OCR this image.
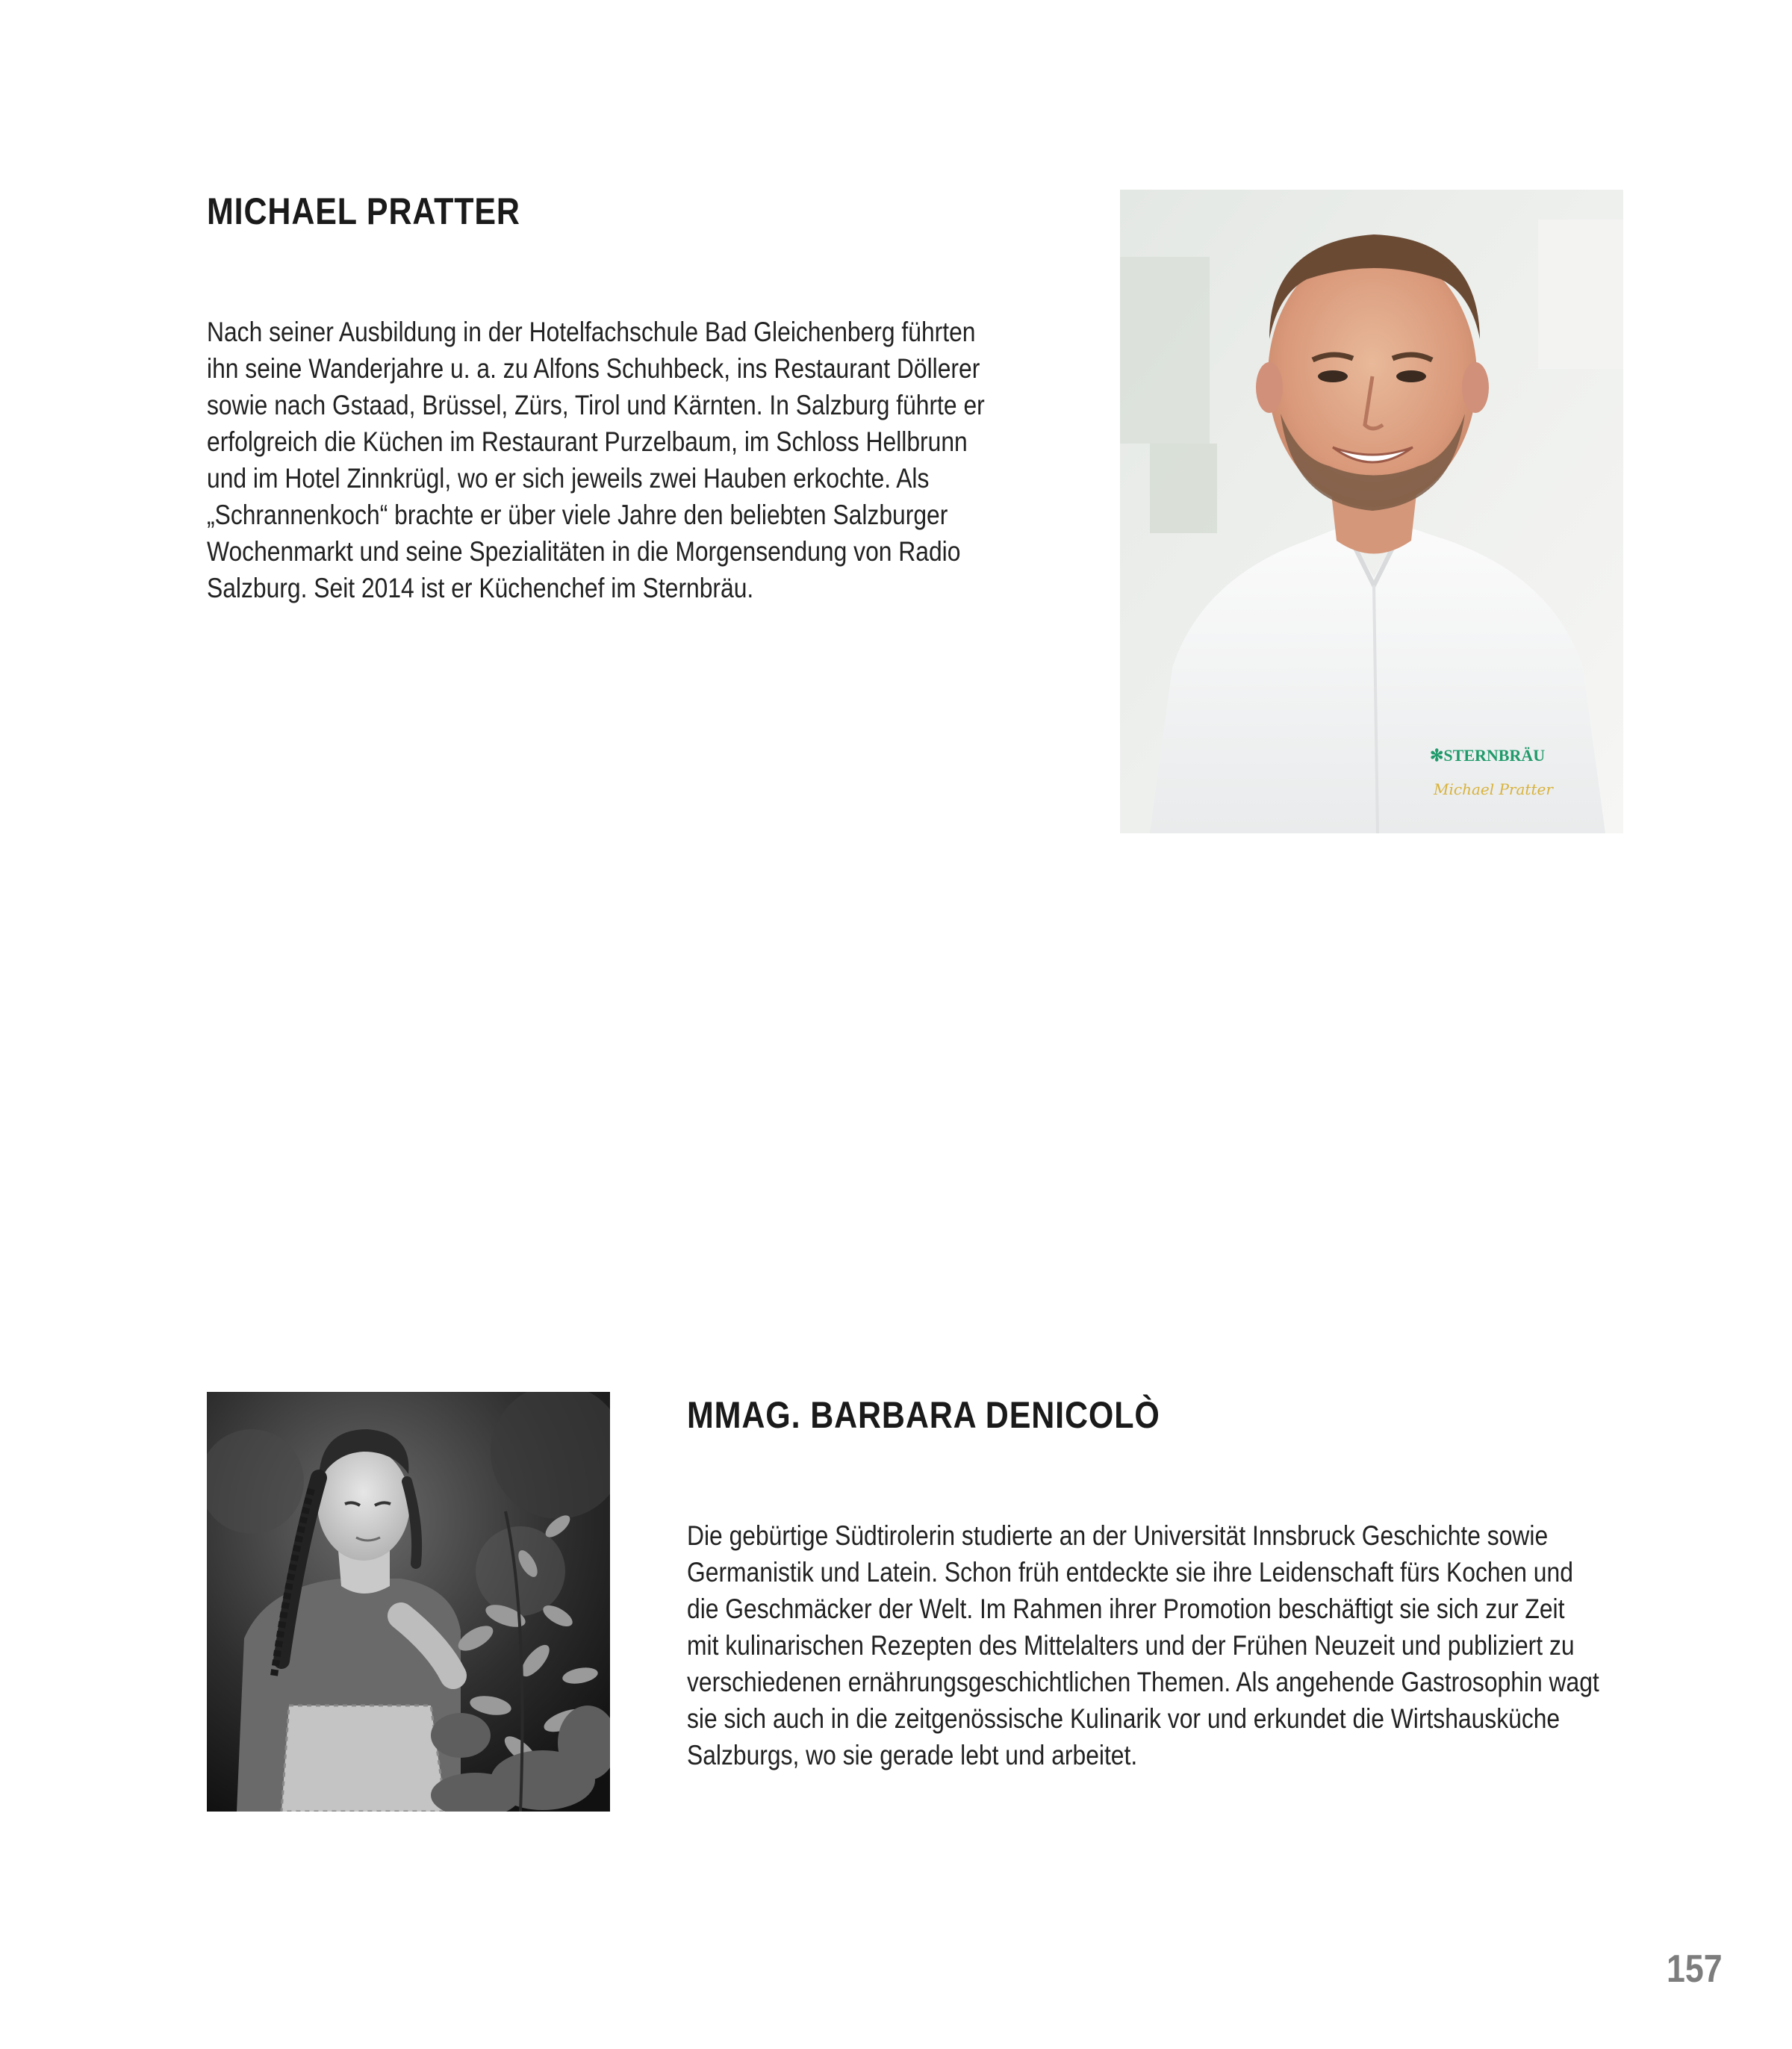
MICHAEL PRATTER
Nach seiner Ausbildung in der Hotelfachschule Bad Gleichenberg führten
ihn seine Wanderjahre u. a. zu Alfons Schuhbeck, ins Restaurant Döllerer
sowie nach Gstaad, Brüssel, Zürs, Tirol und Kärnten. In Salzburg führte er
erfolgreich die Küchen im Restaurant Purzelbaum, im Schloss Hellbrunn
und im Hotel Zinnkrügl, wo er sich jeweils zwei Hauben erkochte. Als
„Schrannenkoch“ brachte er über viele Jahre den beliebten Salzburger
Wochenmarkt und seine Spezialitäten in die Morgensendung von Radio
Salzburg. Seit 2014 ist er Küchenchef im Sternbräu.
✻STERNBRÄU
Michael Pratter
MMAG. BARBARA DENICOLÒ
Die gebürtige Südtirolerin studierte an der Universität Innsbruck Geschichte sowie
Germanistik und Latein. Schon früh entdeckte sie ihre Leidenschaft fürs Kochen und
die Geschmäcker der Welt. Im Rahmen ihrer Promotion beschäftigt sie sich zur Zeit
mit kulinarischen Rezepten des Mittelalters und der Frühen Neuzeit und publiziert zu
verschiedenen ernährungsgeschichtlichen Themen. Als angehende Gastrosophin wagt
sie sich auch in die zeitgenössische Kulinarik vor und erkundet die Wirtshausküche
Salzburgs, wo sie gerade lebt und arbeitet.
157
